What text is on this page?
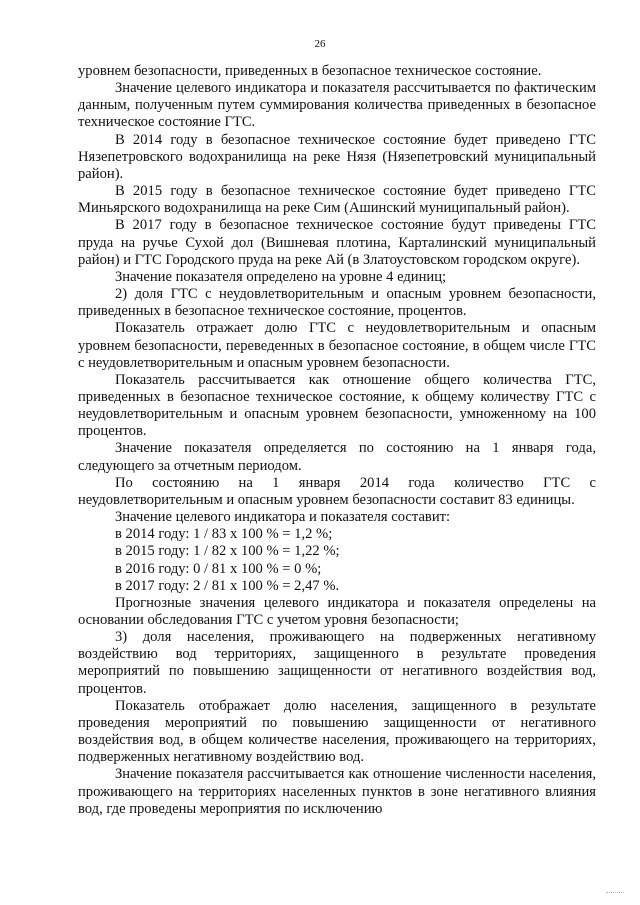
26

уровнем безопасности, приведенных в безопасное техническое состояние.

Значение целевого индикатора и показателя рассчитывается по фактическим данным, полученным путем суммирования количества приведенных в безопасное техническое состояние ГТС.

В 2014 году в безопасное техническое состояние будет приведено ГТС Нязепетровского водохранилища на реке Нязя (Нязепетровский муниципальный район).

В 2015 году в безопасное техническое состояние будет приведено ГТС Миньярского водохранилища на реке Сим (Ашинский муниципальный район).

В 2017 году в безопасное техническое состояние будут приведены ГТС пруда на ручье Сухой дол (Вишневая плотина, Карталинский муниципальный район) и ГТС Городского пруда на реке Ай (в Златоустовском городском округе).

Значение показателя определено на уровне 4 единиц;

2) доля ГТС с неудовлетворительным и опасным уровнем безопасности, приведенных в безопасное техническое состояние, процентов.

Показатель отражает долю ГТС с неудовлетворительным и опасным уровнем безопасности, переведенных в безопасное состояние, в общем числе ГТС с неудовлетворительным и опасным уровнем безопасности.

Показатель рассчитывается как отношение общего количества ГТС, приведенных в безопасное техническое состояние, к общему количеству ГТС с неудовлетворительным и опасным уровнем безопасности, умноженному на 100 процентов.

Значение показателя определяется по состоянию на 1 января года, следующего за отчетным периодом.

По состоянию на 1 января 2014 года количество ГТС с неудовлетворительным и опасным уровнем безопасности составит 83 единицы.

Значение целевого индикатора и показателя составит:

в 2014 году: 1 / 83 х 100 % = 1,2 %;

в 2015 году: 1 / 82 х 100 % = 1,22 %;

в 2016 году: 0 / 81 х 100 % = 0 %;

в 2017 году: 2 / 81 х 100 % = 2,47 %.

Прогнозные значения целевого индикатора и показателя определены на основании обследования ГТС с учетом уровня безопасности;

3) доля населения, проживающего на подверженных негативному воздействию вод территориях, защищенного в результате проведения мероприятий по повышению защищенности от негативного воздействия вод, процентов.

Показатель отображает долю населения, защищенного в результате проведения мероприятий по повышению защищенности от негативного воздействия вод, в общем количестве населения, проживающего на территориях, подверженных негативному воздействию вод.

Значение показателя рассчитывается как отношение численности населения, проживающего на территориях населенных пунктов в зоне негативного влияния вод, где проведены мероприятия по исключению
